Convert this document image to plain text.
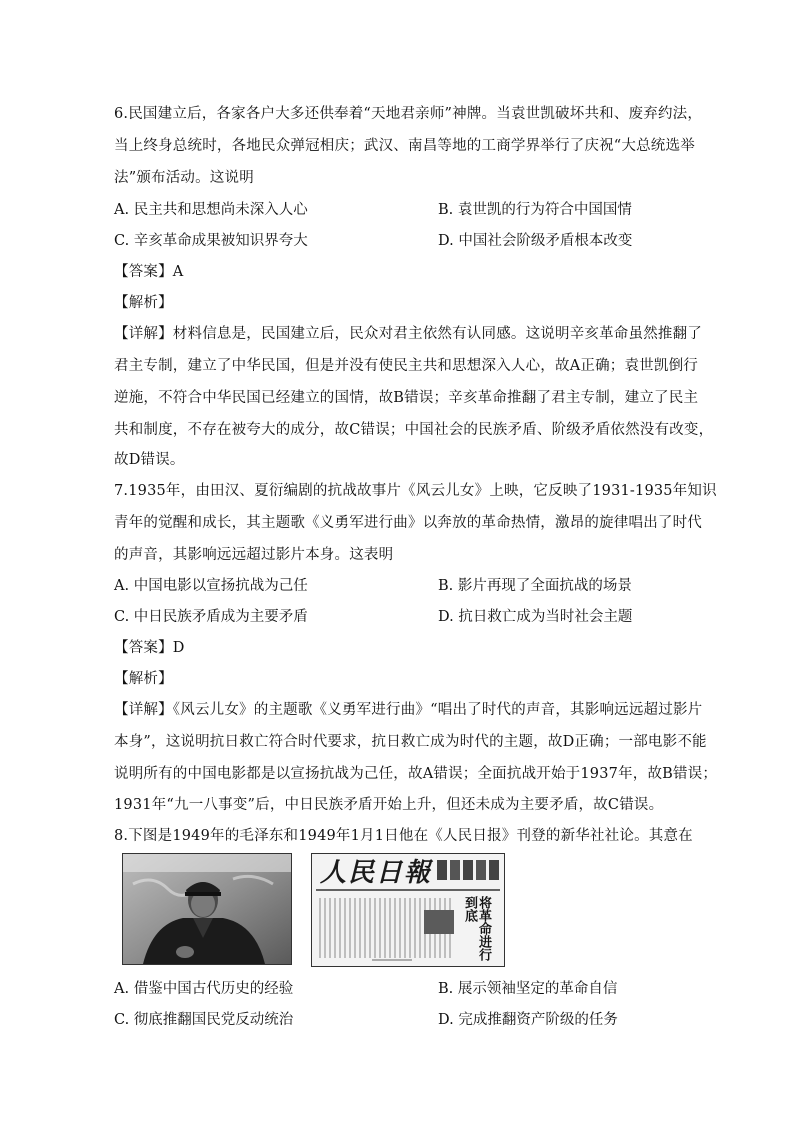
6.民国建立后，各家各户大多还供奉着“天地君亲师”神牌。当袁世凯破坏共和、废弃约法，
当上终身总统时，各地民众弹冠相庆；武汉、南昌等地的工商学界举行了庆祝“大总统选举
法”颁布活动。这说明
A. 民主共和思想尚未深入人心	B. 袁世凯的行为符合中国国情
C. 辛亥革命成果被知识界夸大	D. 中国社会阶级矛盾根本改变
【答案】A
【解析】
【详解】材料信息是，民国建立后，民众对君主依然有认同感。这说明辛亥革命虽然推翻了
君主专制，建立了中华民国，但是并没有使民主共和思想深入人心，故A正确；袁世凯倒行
逆施，不符合中华民国已经建立的国情，故B错误；辛亥革命推翻了君主专制，建立了民主
共和制度，不存在被夸大的成分，故C错误；中国社会的民族矛盾、阶级矛盾依然没有改变，
故D错误。
7.1935年，由田汉、夏衍编剧的抗战故事片《风云儿女》上映，它反映了1931-1935年知识
青年的觉醒和成长，其主题歌《义勇军进行曲》以奔放的革命热情，激昂的旋律唱出了时代
的声音，其影响远远超过影片本身。这表明
A. 中国电影以宣扬抗战为己任	B. 影片再现了全面抗战的场景
C. 中日民族矛盾成为主要矛盾	D. 抗日救亡成为当时社会主题
【答案】D
【解析】
【详解】《风云儿女》的主题歌《义勇军进行曲》“唱出了时代的声音，其影响远远超过影片
本身”，这说明抗日救亡符合时代要求，抗日救亡成为时代的主题，故D正确；一部电影不能
说明所有的中国电影都是以宣扬抗战为己任，故A错误；全面抗战开始于1937年，故B错误；
1931年“九一八事变”后，中日民族矛盾开始上升，但还未成为主要矛盾，故C错误。
8.下图是1949年的毛泽东和1949年1月1日他在《人民日报》刊登的新华社社论。其意在
人民日報
将革命进行到底
A. 借鉴中国古代历史的经验	B. 展示领袖坚定的革命自信
C. 彻底推翻国民党反动统治	D. 完成推翻资产阶级的任务
